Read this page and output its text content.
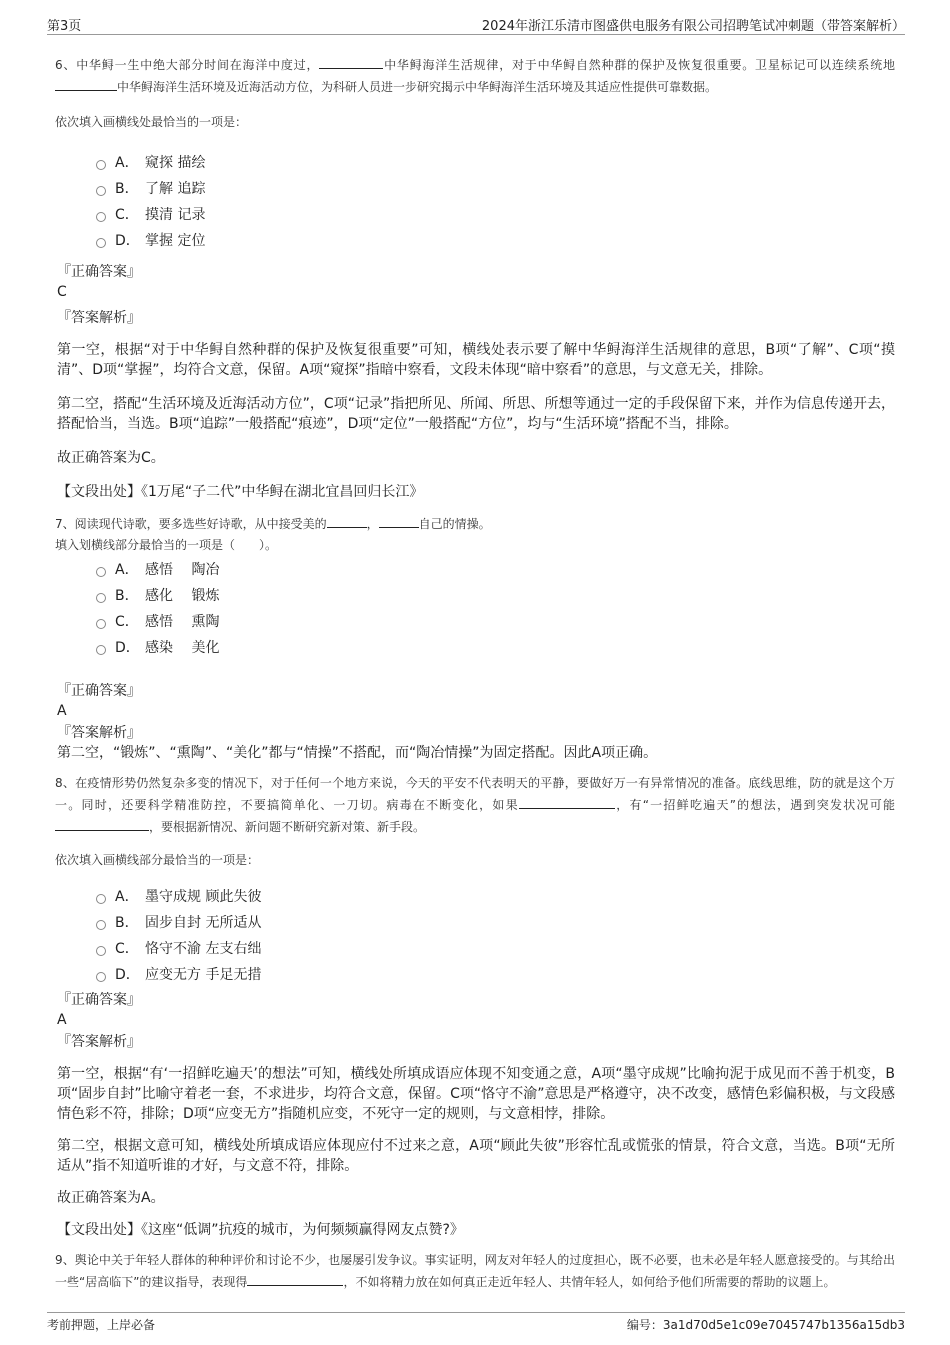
第3页	2024年浙江乐清市图盛供电服务有限公司招聘笔试冲刺题（带答案解析）

6、中华鲟一生中绝大部分时间在海洋中度过，	中华鲟海洋生活规律，对于中华鲟自然种群的保护及恢复很重要。卫星标记可以连续系统地中华鲟海洋生活环境及近海活动方位，为科研人员进一步研究揭示中华鲟海洋生活环境及其适应性提供可靠数据。

依次填入画横线处最恰当的一项是：

A． 窥探 描绘
B． 了解 追踪
C． 摸清 记录
D． 掌握 定位

『正确答案』

C

『答案解析』

第一空，根据“对于中华鲟自然种群的保护及恢复很重要”可知，横线处表示要了解中华鲟海洋生活规律的意思，B项“了解”、C项“摸清”、D项“掌握”，均符合文意，保留。A项“窥探”指暗中察看，文段未体现“暗中察看”的意思，与文意无关，排除。

第二空，搭配“生活环境及近海活动方位”，C项“记录”指把所见、所闻、所思、所想等通过一定的手段保留下来，并作为信息传递开去，搭配恰当，当选。B项“追踪”一般搭配“痕迹”，D项“定位”一般搭配“方位”，均与“生活环境”搭配不当，排除。

故正确答案为C。

【文段出处】《1万尾“子二代”中华鲟在湖北宜昌回归长江》

7、阅读现代诗歌，要多选些好诗歌，从中接受美的	，	自己的情操。

填入划横线部分最恰当的一项是（　　）。

A． 感悟　 陶冶
B． 感化　 锻炼
C． 感悟　 熏陶
D． 感染　 美化

『正确答案』

A

『答案解析』

第二空，“锻炼”、“熏陶”、“美化”都与“情操”不搭配，而“陶冶情操”为固定搭配。因此A项正确。

8、在疫情形势仍然复杂多变的情况下，对于任何一个地方来说，今天的平安不代表明天的平静，要做好万一有异常情况的准备。底线思维，防的就是这个万一。同时，还要科学精准防控，不要搞简单化、一刀切。病毒在不断变化，如果	，有“一招鲜吃遍天”的想法，遇到突发状况可能，要根据新情况、新问题不断研究新对策、新手段。

依次填入画横线部分最恰当的一项是：

A． 墨守成规 顾此失彼
B． 固步自封 无所适从
C． 恪守不渝 左支右绌
D． 应变无方 手足无措

『正确答案』

A

『答案解析』

第一空，根据“有‘一招鲜吃遍天’的想法”可知，横线处所填成语应体现不知变通之意，A项“墨守成规”比喻拘泥于成见而不善于机变，B项“固步自封”比喻守着老一套，不求进步，均符合文意，保留。C项“恪守不渝”意思是严格遵守，决不改变，感情色彩偏积极，与文段感情色彩不符，排除；D项“应变无方”指随机应变，不死守一定的规则，与文意相悖，排除。

第二空，根据文意可知，横线处所填成语应体现应付不过来之意，A项“顾此失彼”形容忙乱或慌张的情景，符合文意，当选。B项“无所适从”指不知道听谁的才好，与文意不符，排除。

故正确答案为A。

【文段出处】《这座“低调”抗疫的城市，为何频频赢得网友点赞?》

9、舆论中关于年轻人群体的种种评价和讨论不少，也屡屡引发争议。事实证明，网友对年轻人的过度担心，既不必要，也未必是年轻人愿意接受的。与其给出一些“居高临下”的建议指导，表现得	，不如将精力放在如何真正走近年轻人、共情年轻人，如何给予他们所需要的帮助的议题上。

考前押题，上岸必备	编号：3a1d70d5e1c09e7045747b1356a15db3
